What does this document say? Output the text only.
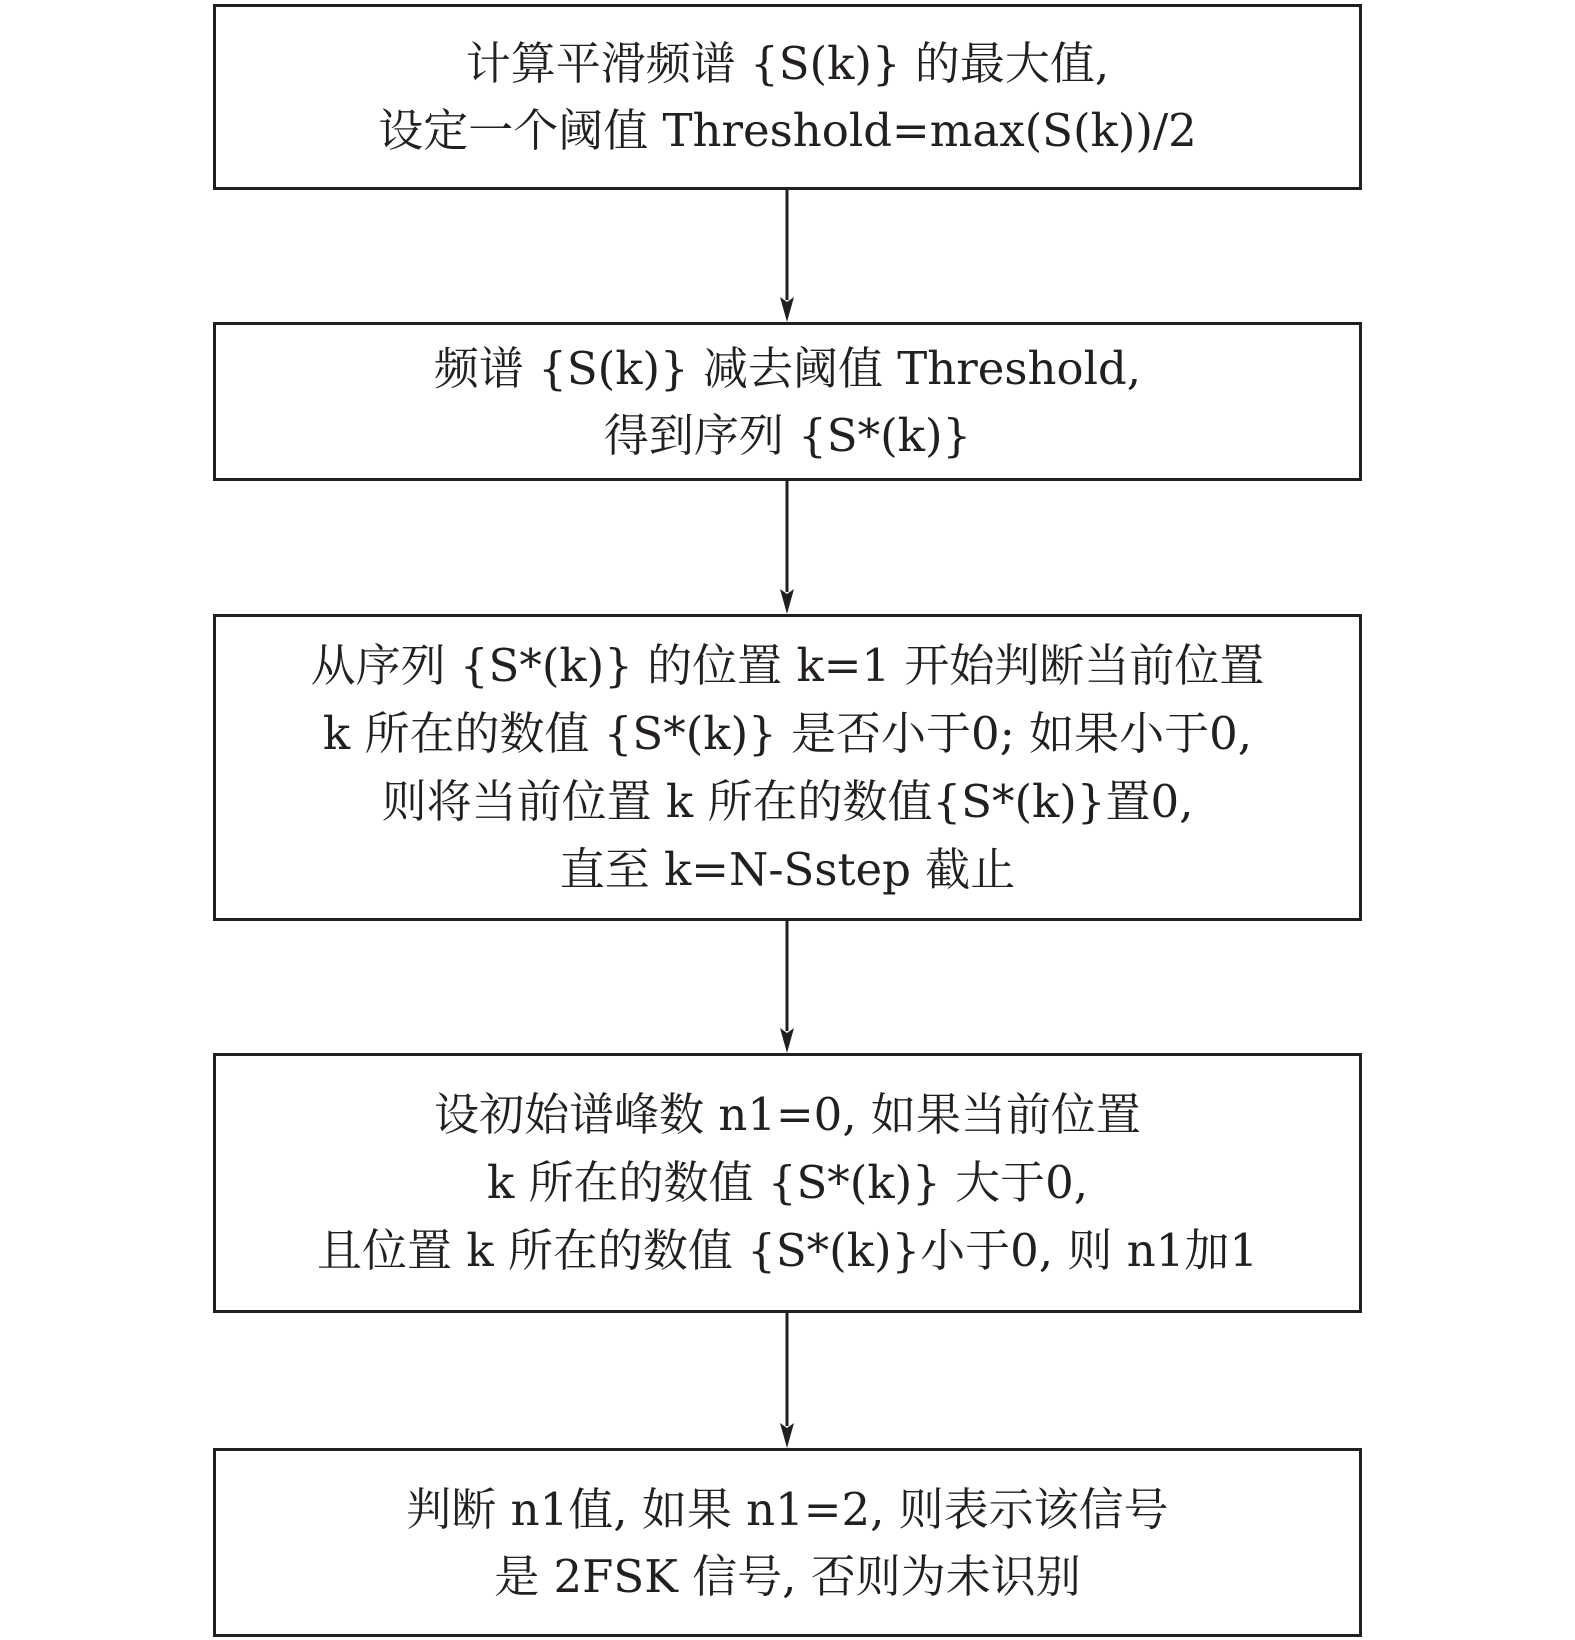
计算平滑频谱 {S(k)} 的最大值,
设定一个阈值 Threshold=max(S(k))/2
频谱 {S(k)} 减去阈值 Threshold,
得到序列 {S*(k)}
从序列 {S*(k)} 的位置 k=1 开始判断当前位置
k 所在的数值 {S*(k)} 是否小于0; 如果小于0,
则将当前位置 k 所在的数值{S*(k)}置0,
直至 k=N-Sstep 截止
设初始谱峰数 n1=0, 如果当前位置
k 所在的数值 {S*(k)} 大于0,
且位置 k 所在的数值 {S*(k)}小于0, 则 n1加1
判断 n1值, 如果 n1=2, 则表示该信号
是 2FSK 信号, 否则为未识别
